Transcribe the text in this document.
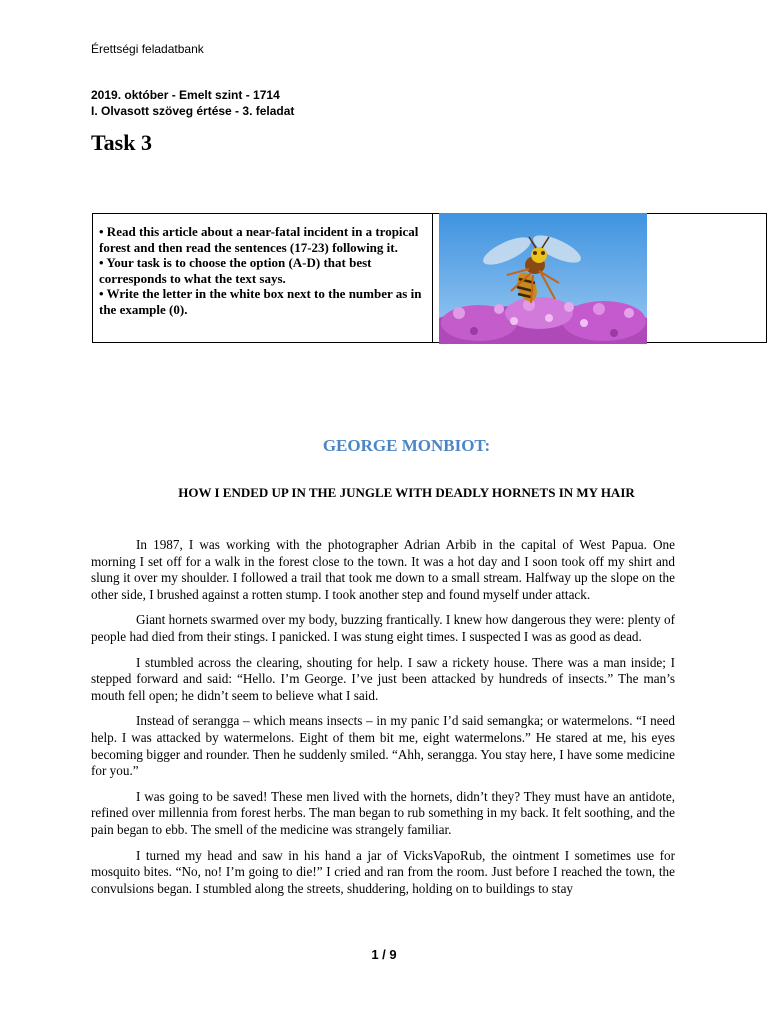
Érettségi feladatbank
2019. október - Emelt szint - 1714
I. Olvasott szöveg értése - 3. feladat
Task 3
• Read this article about a near-fatal incident in a tropical forest and then read the sentences (17-23) following it.
• Your task is to choose the option (A-D) that best corresponds to what the text says.
• Write the letter in the white box next to the number as in the example (0).
GEORGE MONBIOT:
HOW I ENDED UP IN THE JUNGLE WITH DEADLY HORNETS IN MY HAIR

In 1987, I was working with the photographer Adrian Arbib in the capital of West Papua. One morning I set off for a walk in the forest close to the town. It was a hot day and I soon took off my shirt and slung it over my shoulder. I followed a trail that took me down to a small stream. Halfway up the slope on the other side, I brushed against a rotten stump. I took another step and found myself under attack.

Giant hornets swarmed over my body, buzzing frantically. I knew how dangerous they were: plenty of people had died from their stings. I panicked. I was stung eight times. I suspected I was as good as dead.

I stumbled across the clearing, shouting for help. I saw a rickety house. There was a man inside; I stepped forward and said: “Hello. I’m George. I’ve just been attacked by hundreds of insects.” The man’s mouth fell open; he didn’t seem to believe what I said.

Instead of serangga – which means insects – in my panic I’d said semangka; or watermelons. “I need help. I was attacked by watermelons. Eight of them bit me, eight watermelons.” He stared at me, his eyes becoming bigger and rounder. Then he suddenly smiled. “Ahh, serangga. You stay here, I have some medicine for you.”

I was going to be saved! These men lived with the hornets, didn’t they? They must have an antidote, refined over millennia from forest herbs. The man began to rub something in my back. It felt soothing, and the pain began to ebb. The smell of the medicine was strangely familiar.

I turned my head and saw in his hand a jar of VicksVapoRub, the ointment I sometimes use for mosquito bites. “No, no! I’m going to die!” I cried and ran from the room. Just before I reached the town, the convulsions began. I stumbled along the streets, shuddering, holding on to buildings to stay

1 / 9
